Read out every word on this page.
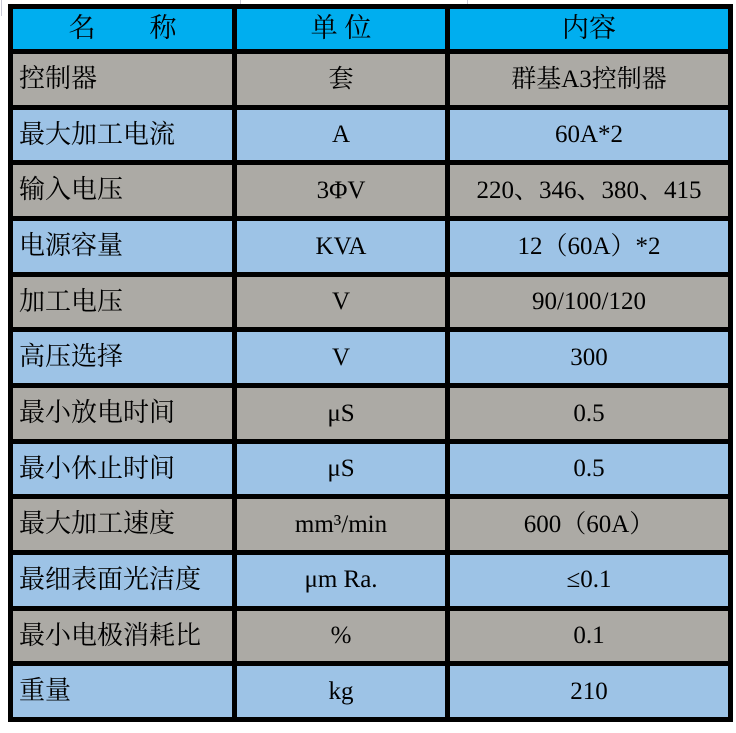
名        称	单 位	内容
控制器	套	群基A3控制器
最大加工电流	A	60A*2
输入电压	3ΦV	220、346、380、415
电源容量	KVA	12（60A）*2
加工电压	V	90/100/120
高压选择	V	300
最小放电时间	μS	0.5
最小休止时间	μS	0.5
最大加工速度	mm³/min	600（60A）
最细表面光洁度	μm Ra.	≤0.1
最小电极消耗比	%	0.1
重量	kg	210
